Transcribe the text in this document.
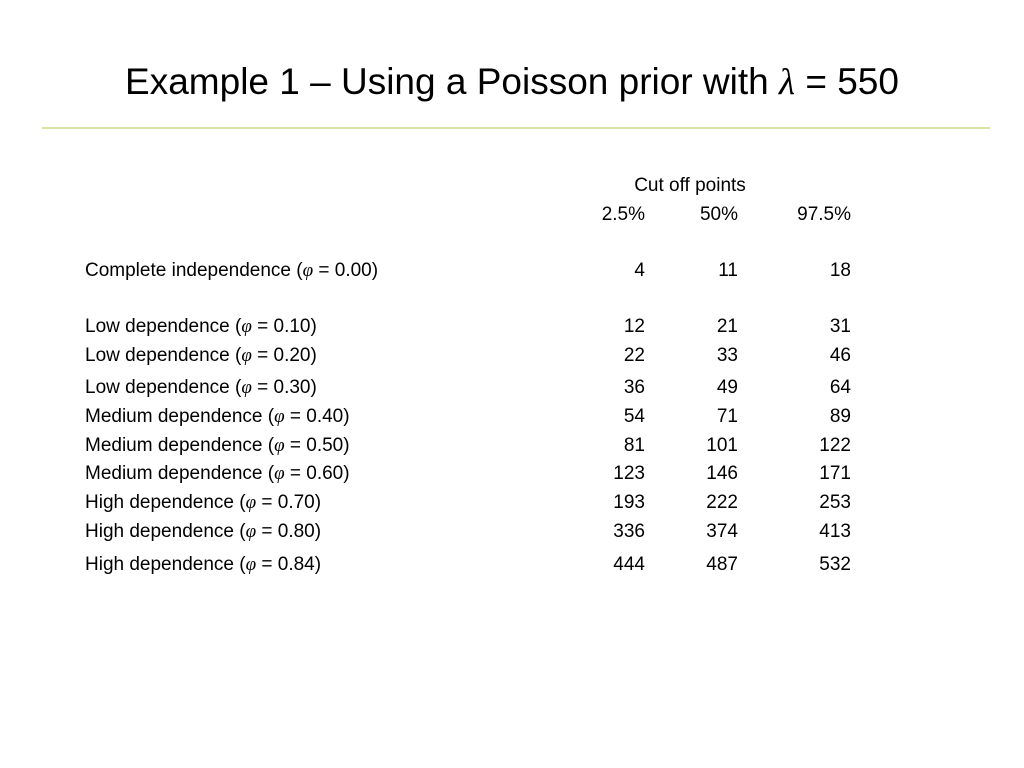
Example 1 – Using a Poisson prior with λ = 550
Cut off points
2.5%	50%	97.5%
Complete independence (φ = 0.00)	4	11	18
Low dependence (φ = 0.10)	12	21	31
Low dependence (φ = 0.20)	22	33	46
Low dependence (φ = 0.30)	36	49	64
Medium dependence (φ = 0.40)	54	71	89
Medium dependence (φ = 0.50)	81	101	122
Medium dependence (φ = 0.60)	123	146	171
High dependence (φ = 0.70)	193	222	253
High dependence (φ = 0.80)	336	374	413
High dependence (φ = 0.84)	444	487	532
